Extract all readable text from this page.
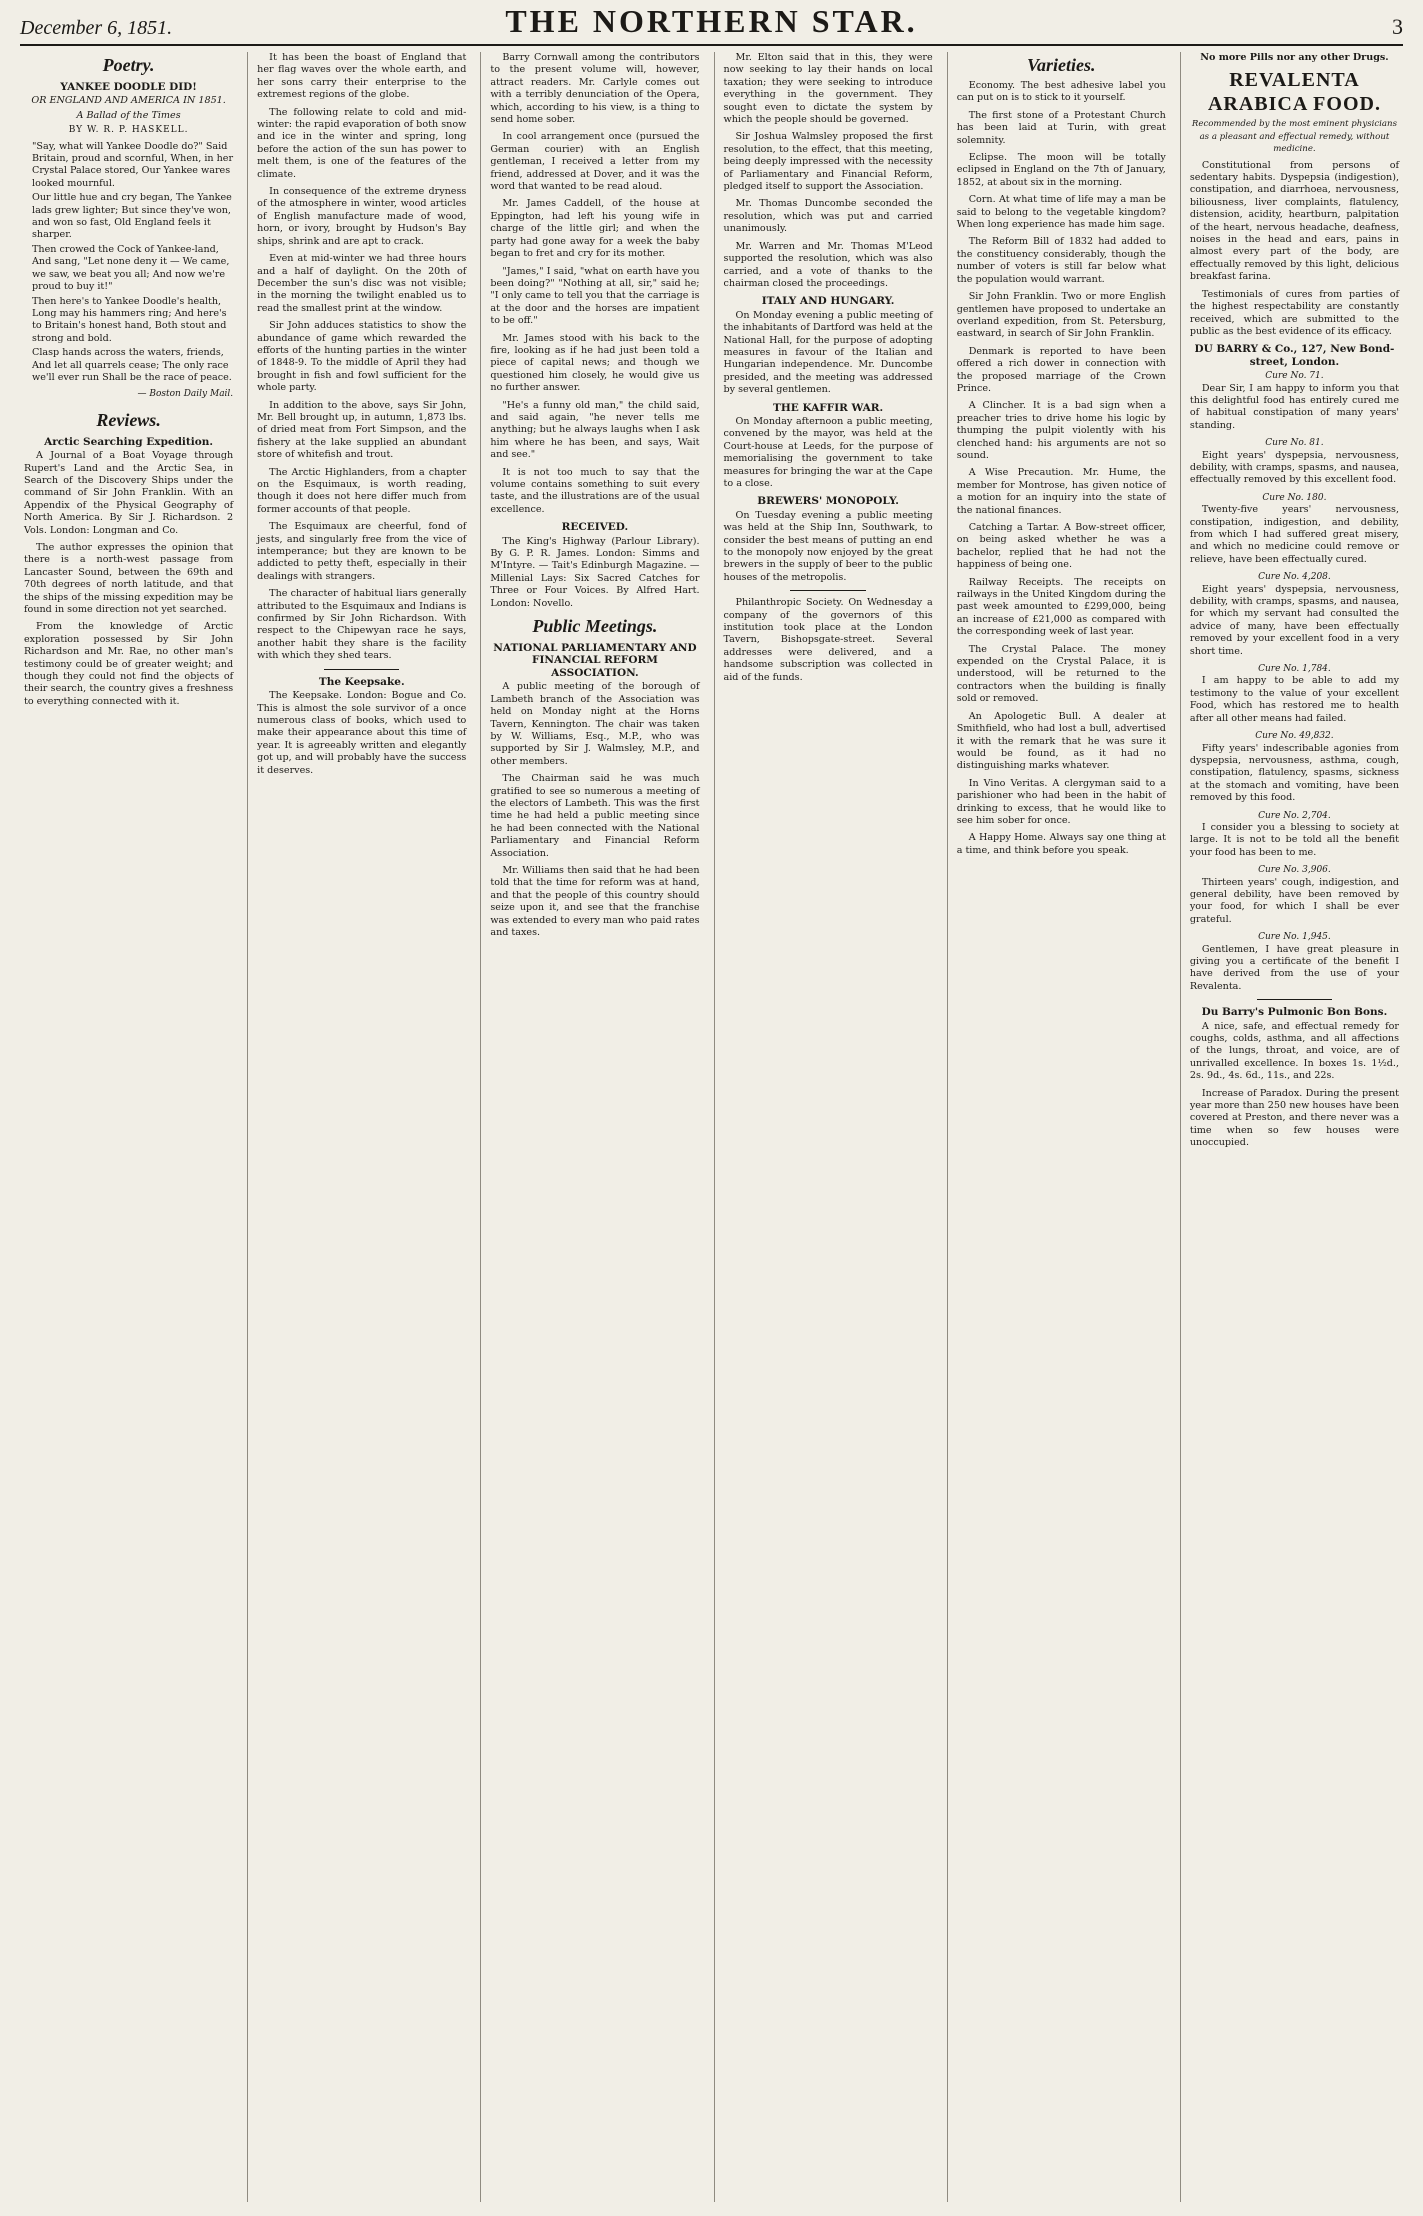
December 6, 1851.	THE NORTHERN STAR.	3
Poetry.
YANKEE DOODLE DID!
OR ENGLAND AND AMERICA IN 1851.
A Ballad of the Times
BY W. R. P. HASKELL.

"Say, what will Yankee Doodle do?" Said Britain, proud and scornful, When, in her Crystal Palace stored, Our Yankee wares looked mournful.

Our little hue and cry began, The Yankee lads grew lighter; But since they've won, and won so fast, Old England feels it sharper.

Then crowed the Cock of Yankee-land, And sang, "Let none deny it — We came, we saw, we beat you all; And now we're proud to buy it!"

Then here's to Yankee Doodle's health, Long may his hammers ring; And here's to Britain's honest hand, Both stout and strong and bold.

Clasp hands across the waters, friends, And let all quarrels cease; The only race we'll ever run Shall be the race of peace.

— Boston Daily Mail.
Reviews.
Arctic Searching Expedition.

A Journal of a Boat Voyage through Rupert's Land and the Arctic Sea, in Search of the Discovery Ships under the command of Sir John Franklin. With an Appendix of the Physical Geography of North America. By Sir J. Richardson. 2 Vols. London: Longman and Co.

The author expresses the opinion that there is a north-west passage from Lancaster Sound, between the 69th and 70th degrees of north latitude, and that the ships of the missing expedition may be found in some direction not yet searched.

From the knowledge of Arctic exploration possessed by Sir John Richardson and Mr. Rae, no other man's testimony could be of greater weight; and though they could not find the objects of their search, the country gives a freshness to everything connected with it.

It has been the boast of England that her flag waves over the whole earth, and her sons carry their enterprise to the extremest regions of the globe.

The following relate to cold and mid-winter: the rapid evaporation of both snow and ice in the winter and spring, long before the action of the sun has power to melt them, is one of the features of the climate.

In consequence of the extreme dryness of the atmosphere in winter, wood articles of English manufacture made of wood, horn, or ivory, brought by Hudson's Bay ships, shrink and are apt to crack.

Even at mid-winter we had three hours and a half of daylight. On the 20th of December the sun's disc was not visible; in the morning the twilight enabled us to read the smallest print at the window.

Sir John adduces statistics to show the abundance of game which rewarded the efforts of the hunting parties in the winter of 1848-9. To the middle of April they had brought in fish and fowl sufficient for the whole party.

In addition to the above, says Sir John, Mr. Bell brought up, in autumn, 1,873 lbs. of dried meat from Fort Simpson, and the fishery at the lake supplied an abundant store of whitefish and trout.

The Arctic Highlanders, from a chapter on the Esquimaux, is worth reading, though it does not here differ much from former accounts of that people.

The Esquimaux are cheerful, fond of jests, and singularly free from the vice of intemperance; but they are known to be addicted to petty theft, especially in their dealings with strangers.

The character of habitual liars generally attributed to the Esquimaux and Indians is confirmed by Sir John Richardson. With respect to the Chipewyan race he says, another habit they share is the facility with which they shed tears.

The Keepsake.

The Keepsake. London: Bogue and Co. This is almost the sole survivor of a once numerous class of books, which used to make their appearance about this time of year. It is agreeably written and elegantly got up, and will probably have the success it deserves.

Barry Cornwall among the contributors to the present volume will, however, attract readers. Mr. Carlyle comes out with a terribly denunciation of the Opera, which, according to his view, is a thing to send home sober.

In cool arrangement once (pursued the German courier) with an English gentleman, I received a letter from my friend, addressed at Dover, and it was the word that wanted to be read aloud.

Mr. James Caddell, of the house at Eppington, had left his young wife in charge of the little girl; and when the party had gone away for a week the baby began to fret and cry for its mother.

"James," I said, "what on earth have you been doing?" "Nothing at all, sir," said he; "I only came to tell you that the carriage is at the door and the horses are impatient to be off."

Mr. James stood with his back to the fire, looking as if he had just been told a piece of capital news; and though we questioned him closely, he would give us no further answer.

"He's a funny old man," the child said, and said again, "he never tells me anything; but he always laughs when I ask him where he has been, and says, Wait and see."

It is not too much to say that the volume contains something to suit every taste, and the illustrations are of the usual excellence.

RECEIVED.

The King's Highway (Parlour Library). By G. P. R. James. London: Simms and M'Intyre. — Tait's Edinburgh Magazine. — Millenial Lays: Six Sacred Catches for Three or Four Voices. By Alfred Hart. London: Novello.

Public Meetings.
NATIONAL PARLIAMENTARY AND FINANCIAL REFORM ASSOCIATION.

A public meeting of the borough of Lambeth branch of the Association was held on Monday night at the Horns Tavern, Kennington. The chair was taken by W. Williams, Esq., M.P., who was supported by Sir J. Walmsley, M.P., and other members.

The Chairman said he was much gratified to see so numerous a meeting of the electors of Lambeth. This was the first time he had held a public meeting since he had been connected with the National Parliamentary and Financial Reform Association.

Mr. Williams then said that he had been told that the time for reform was at hand, and that the people of this country should seize upon it, and see that the franchise was extended to every man who paid rates and taxes.

Mr. Elton said that in this, they were now seeking to lay their hands on local taxation; they were seeking to introduce everything in the government. They sought even to dictate the system by which the people should be governed.

Sir Joshua Walmsley proposed the first resolution, to the effect, that this meeting, being deeply impressed with the necessity of Parliamentary and Financial Reform, pledged itself to support the Association.

Mr. Thomas Duncombe seconded the resolution, which was put and carried unanimously.

Mr. Warren and Mr. Thomas M'Leod supported the resolution, which was also carried, and a vote of thanks to the chairman closed the proceedings.

ITALY AND HUNGARY.

On Monday evening a public meeting of the inhabitants of Dartford was held at the National Hall, for the purpose of adopting measures in favour of the Italian and Hungarian independence. Mr. Duncombe presided, and the meeting was addressed by several gentlemen.

THE KAFFIR WAR.

On Monday afternoon a public meeting, convened by the mayor, was held at the Court-house at Leeds, for the purpose of memorialising the government to take measures for bringing the war at the Cape to a close.

BREWERS' MONOPOLY.

On Tuesday evening a public meeting was held at the Ship Inn, Southwark, to consider the best means of putting an end to the monopoly now enjoyed by the great brewers in the supply of beer to the public houses of the metropolis.

Philanthropic Society. On Wednesday a company of the governors of this institution took place at the London Tavern, Bishopsgate-street. Several addresses were delivered, and a handsome subscription was collected in aid of the funds.

Varieties.

Economy. The best adhesive label you can put on is to stick to it yourself.

The first stone of a Protestant Church has been laid at Turin, with great solemnity.

Eclipse. The moon will be totally eclipsed in England on the 7th of January, 1852, at about six in the morning.

Corn. At what time of life may a man be said to belong to the vegetable kingdom? When long experience has made him sage.

The Reform Bill of 1832 had added to the constituency considerably, though the number of voters is still far below what the population would warrant.

Sir John Franklin. Two or more English gentlemen have proposed to undertake an overland expedition, from St. Petersburg, eastward, in search of Sir John Franklin.

Denmark is reported to have been offered a rich dower in connection with the proposed marriage of the Crown Prince.

A Clincher. It is a bad sign when a preacher tries to drive home his logic by thumping the pulpit violently with his clenched hand: his arguments are not so sound.

A Wise Precaution. Mr. Hume, the member for Montrose, has given notice of a motion for an inquiry into the state of the national finances.

Catching a Tartar. A Bow-street officer, on being asked whether he was a bachelor, replied that he had not the happiness of being one.

Railway Receipts. The receipts on railways in the United Kingdom during the past week amounted to £299,000, being an increase of £21,000 as compared with the corresponding week of last year.

The Crystal Palace. The money expended on the Crystal Palace, it is understood, will be returned to the contractors when the building is finally sold or removed.

An Apologetic Bull. A dealer at Smithfield, who had lost a bull, advertised it with the remark that he was sure it would be found, as it had no distinguishing marks whatever.

In Vino Veritas. A clergyman said to a parishioner who had been in the habit of drinking to excess, that he would like to see him sober for once.

A Happy Home. Always say one thing at a time, and think before you speak.

No more Pills nor any other Drugs.
REVALENTA ARABICA FOOD.
Recommended by the most eminent physicians as a pleasant and effectual remedy, without medicine.

Constitutional from persons of sedentary habits. Dyspepsia (indigestion), constipation, and diarrhoea, nervousness, biliousness, liver complaints, flatulency, distension, acidity, heartburn, palpitation of the heart, nervous headache, deafness, noises in the head and ears, pains in almost every part of the body, are effectually removed by this light, delicious breakfast farina.

Testimonials of cures from parties of the highest respectability are constantly received, which are submitted to the public as the best evidence of its efficacy.

DU BARRY & Co., 127, New Bond-street, London.
Cure No. 71.

Dear Sir, I am happy to inform you that this delightful food has entirely cured me of habitual constipation of many years' standing.

Cure No. 81.

Eight years' dyspepsia, nervousness, debility, with cramps, spasms, and nausea, effectually removed by this excellent food.

Cure No. 180.

Twenty-five years' nervousness, constipation, indigestion, and debility, from which I had suffered great misery, and which no medicine could remove or relieve, have been effectually cured.

Cure No. 4,208.

Eight years' dyspepsia, nervousness, debility, with cramps, spasms, and nausea, for which my servant had consulted the advice of many, have been effectually removed by your excellent food in a very short time.

Cure No. 1,784.

I am happy to be able to add my testimony to the value of your excellent Food, which has restored me to health after all other means had failed.

Cure No. 49,832.

Fifty years' indescribable agonies from dyspepsia, nervousness, asthma, cough, constipation, flatulency, spasms, sickness at the stomach and vomiting, have been removed by this food.

Cure No. 2,704.

I consider you a blessing to society at large. It is not to be told all the benefit your food has been to me.

Cure No. 3,906.

Thirteen years' cough, indigestion, and general debility, have been removed by your food, for which I shall be ever grateful.

Cure No. 1,945.

Gentlemen, I have great pleasure in giving you a certificate of the benefit I have derived from the use of your Revalenta.

Du Barry's Pulmonic Bon Bons.

A nice, safe, and effectual remedy for coughs, colds, asthma, and all affections of the lungs, throat, and voice, are of unrivalled excellence. In boxes 1s. 1½d., 2s. 9d., 4s. 6d., 11s., and 22s.

Increase of Paradox. During the present year more than 250 new houses have been covered at Preston, and there never was a time when so few houses were unoccupied.
